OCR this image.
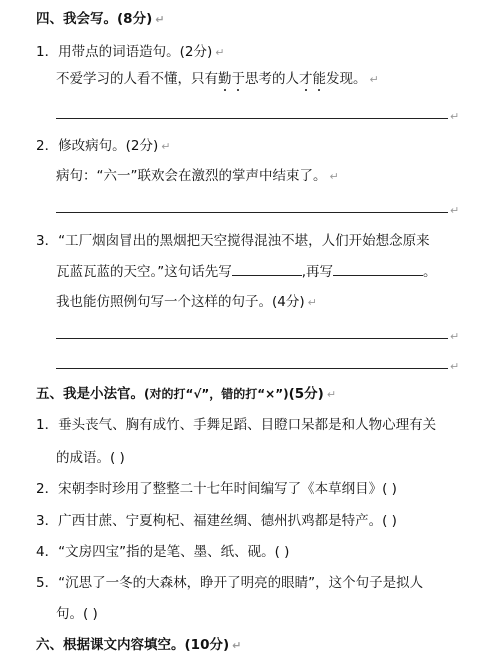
四、我会写。(8分) ↵
1．用带点的词语造句。(2分) ↵
不爱学习的人看不懂，只有勤于思考的人才能发现。 ↵
↵
2．修改病句。(2分) ↵
病句：“六一”联欢会在激烈的掌声中结束了。 ↵
↵
3．“工厂烟囱冒出的黑烟把天空搅得混浊不堪，人们开始想念原来
瓦蓝瓦蓝的天空。”这句话先写	,再写	。
我也能仿照例句写一个这样的句子。(4分) ↵
↵
↵
五、我是小法官。(对的打“√”，错的打“×”)(5分) ↵
1．垂头丧气、胸有成竹、手舞足蹈、目瞪口呆都是和人物心理有关
的成语。( )
2．宋朝李时珍用了整整二十七年时间编写了《本草纲目》( )
3．广西甘蔗、宁夏枸杞、福建丝绸、德州扒鸡都是特产。( )
4．“文房四宝”指的是笔、墨、纸、砚。( )
5．“沉思了一冬的大森林，睁开了明亮的眼睛”，这个句子是拟人
句。( )
六、根据课文内容填空。(10分) ↵
